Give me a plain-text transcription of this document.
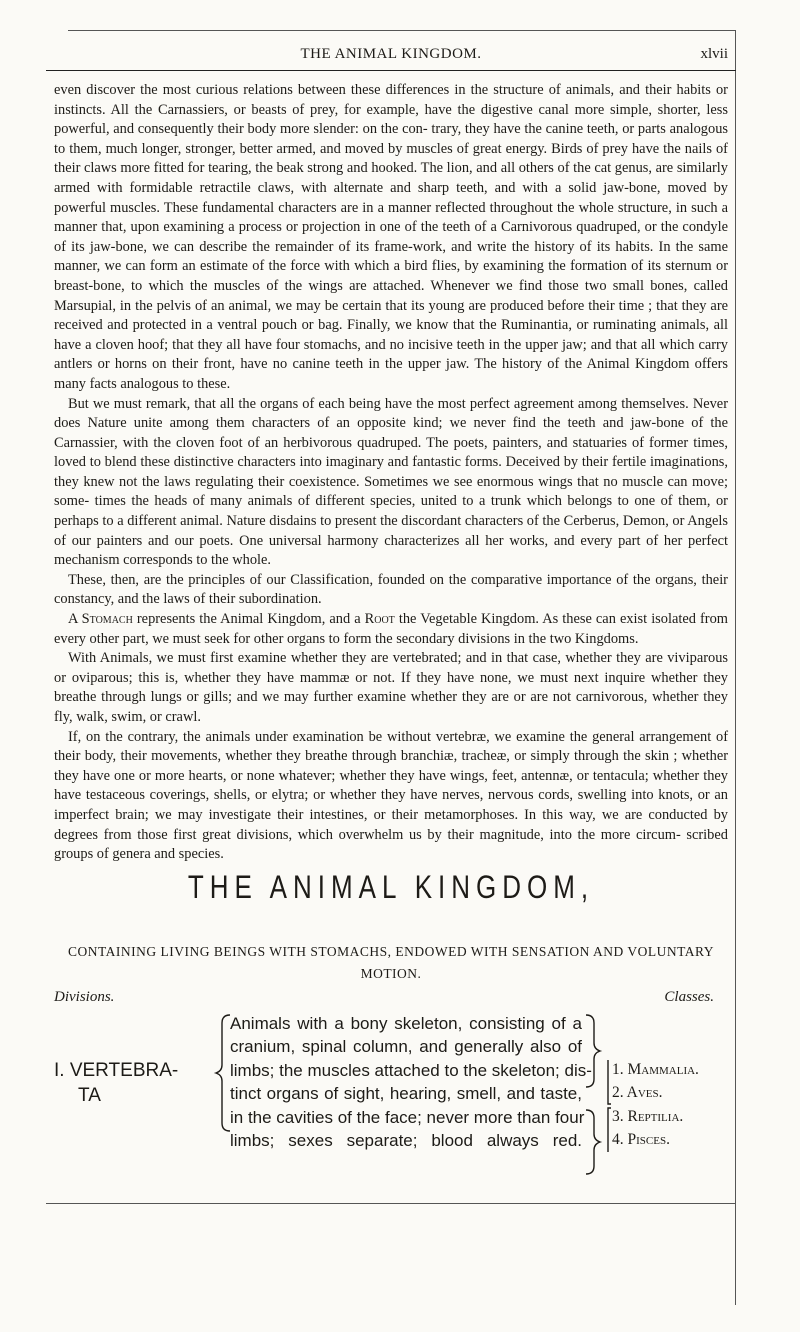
THE ANIMAL KINGDOM.	xlvii

even discover the most curious relations between these differences in the structure of animals, and their habits or instincts. All the Carnassiers, or beasts of prey, for example, have the digestive canal more simple, shorter, less powerful, and consequently their body more slender: on the con- trary, they have the canine teeth, or parts analogous to them, much longer, stronger, better armed, and moved by muscles of great energy. Birds of prey have the nails of their claws more fitted for tearing, the beak strong and hooked. The lion, and all others of the cat genus, are similarly armed with formidable retractile claws, with alternate and sharp teeth, and with a solid jaw-bone, moved by powerful muscles. These fundamental characters are in a manner reflected throughout the whole structure, in such a manner that, upon examining a process or projection in one of the teeth of a Carnivorous quadruped, or the condyle of its jaw-bone, we can describe the remainder of its frame-work, and write the history of its habits. In the same manner, we can form an estimate of the force with which a bird flies, by examining the formation of its sternum or breast-bone, to which the muscles of the wings are attached. Whenever we find those two small bones, called Marsupial, in the pelvis of an animal, we may be certain that its young are produced before their time ; that they are received and protected in a ventral pouch or bag. Finally, we know that the Ruminantia, or ruminating animals, all have a cloven hoof; that they all have four stomachs, and no incisive teeth in the upper jaw; and that all which carry antlers or horns on their front, have no canine teeth in the upper jaw. The history of the Animal Kingdom offers many facts analogous to these.

But we must remark, that all the organs of each being have the most perfect agreement among themselves. Never does Nature unite among them characters of an opposite kind; we never find the teeth and jaw-bone of the Carnassier, with the cloven foot of an herbivorous quadruped. The poets, painters, and statuaries of former times, loved to blend these distinctive characters into imaginary and fantastic forms. Deceived by their fertile imaginations, they knew not the laws regulating their coexistence. Sometimes we see enormous wings that no muscle can move; some- times the heads of many animals of different species, united to a trunk which belongs to one of them, or perhaps to a different animal. Nature disdains to present the discordant characters of the Cerberus, Demon, or Angels of our painters and our poets. One universal harmony characterizes all her works, and every part of her perfect mechanism corresponds to the whole.

These, then, are the principles of our Classification, founded on the comparative importance of the organs, their constancy, and the laws of their subordination.

A Stomach represents the Animal Kingdom, and a Root the Vegetable Kingdom. As these can exist isolated from every other part, we must seek for other organs to form the secondary divisions in the two Kingdoms.

With Animals, we must first examine whether they are vertebrated; and in that case, whether they are viviparous or oviparous; this is, whether they have mammæ or not. If they have none, we must next inquire whether they breathe through lungs or gills; and we may further examine whether they are or are not carnivorous, whether they fly, walk, swim, or crawl.

If, on the contrary, the animals under examination be without vertebræ, we examine the general arrangement of their body, their movements, whether they breathe through branchiæ, tracheæ, or simply through the skin ; whether they have one or more hearts, or none whatever; whether they have wings, feet, antennæ, or tentacula; whether they have testaceous coverings, shells, or elytra; or whether they have nerves, nervous cords, swelling into knots, or an imperfect brain; we may investigate their intestines, or their metamorphoses. In this way, we are conducted by degrees from those first great divisions, which overwhelm us by their magnitude, into the more circum- scribed groups of genera and species.

THE ANIMAL KINGDOM,
CONTAINING LIVING BEINGS WITH STOMACHS, ENDOWED WITH SENSATION AND VOLUNTARY
MOTION.
Divisions.	Classes.
I. VERTEBRA-
TA
Animals with a bony skeleton, consisting of a
cranium, spinal column, and generally also of
limbs; the muscles attached to the skeleton; dis-
tinct organs of sight, hearing, smell, and taste,
in the cavities of the face; never more than four
limbs; sexes separate; blood always red.
1. Mammalia.
2. Aves.
3. Reptilia.
4. Pisces.
